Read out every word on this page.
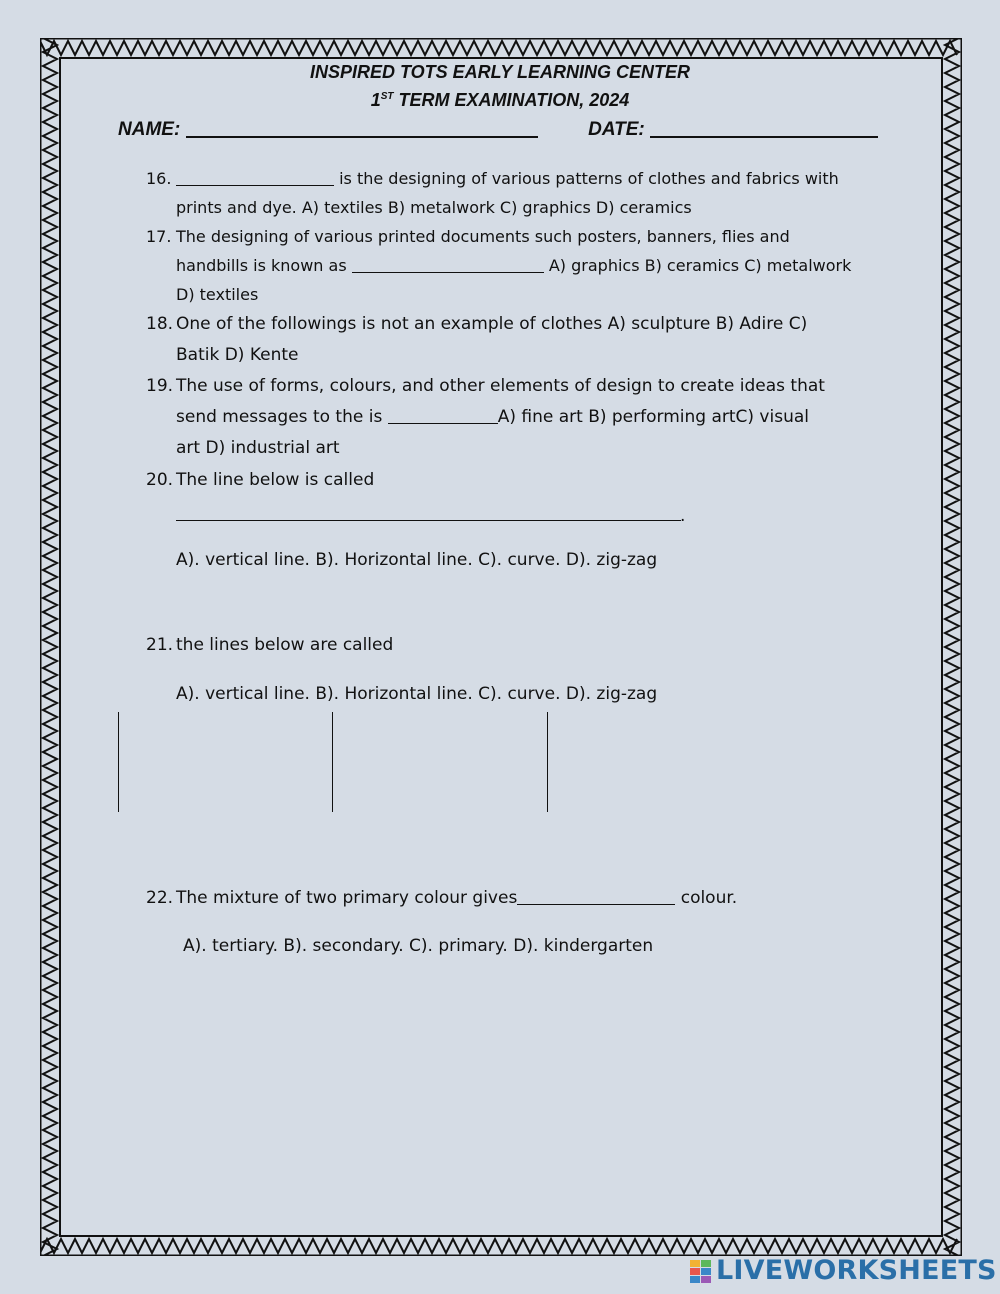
INSPIRED TOTS EARLY LEARNING CENTER
1ST TERM EXAMINATION, 2024
NAME:	DATE:
16.	is the designing of various patterns of clothes and fabrics with
prints and dye. A) textiles B) metalwork C) graphics D) ceramics
17. The designing of various printed documents such posters, banners, flies and
handbills is known as	A) graphics B) ceramics C) metalwork
D) textiles
18. One of the followings is not an example of clothes A) sculpture B) Adire C)
Batik D) Kente
19. The use of forms, colours, and other elements of design to create ideas that
send messages to the is	A) fine art B) performing artC) visual
art D) industrial art
20. The line below is called
.
A). vertical line. B). Horizontal line. C). curve. D). zig-zag
21. the lines below are called
A). vertical line. B). Horizontal line. C). curve. D). zig-zag
22. The mixture of two primary colour gives	colour.
A). tertiary. B). secondary. C). primary. D). kindergarten
LIVEWORKSHEETS
